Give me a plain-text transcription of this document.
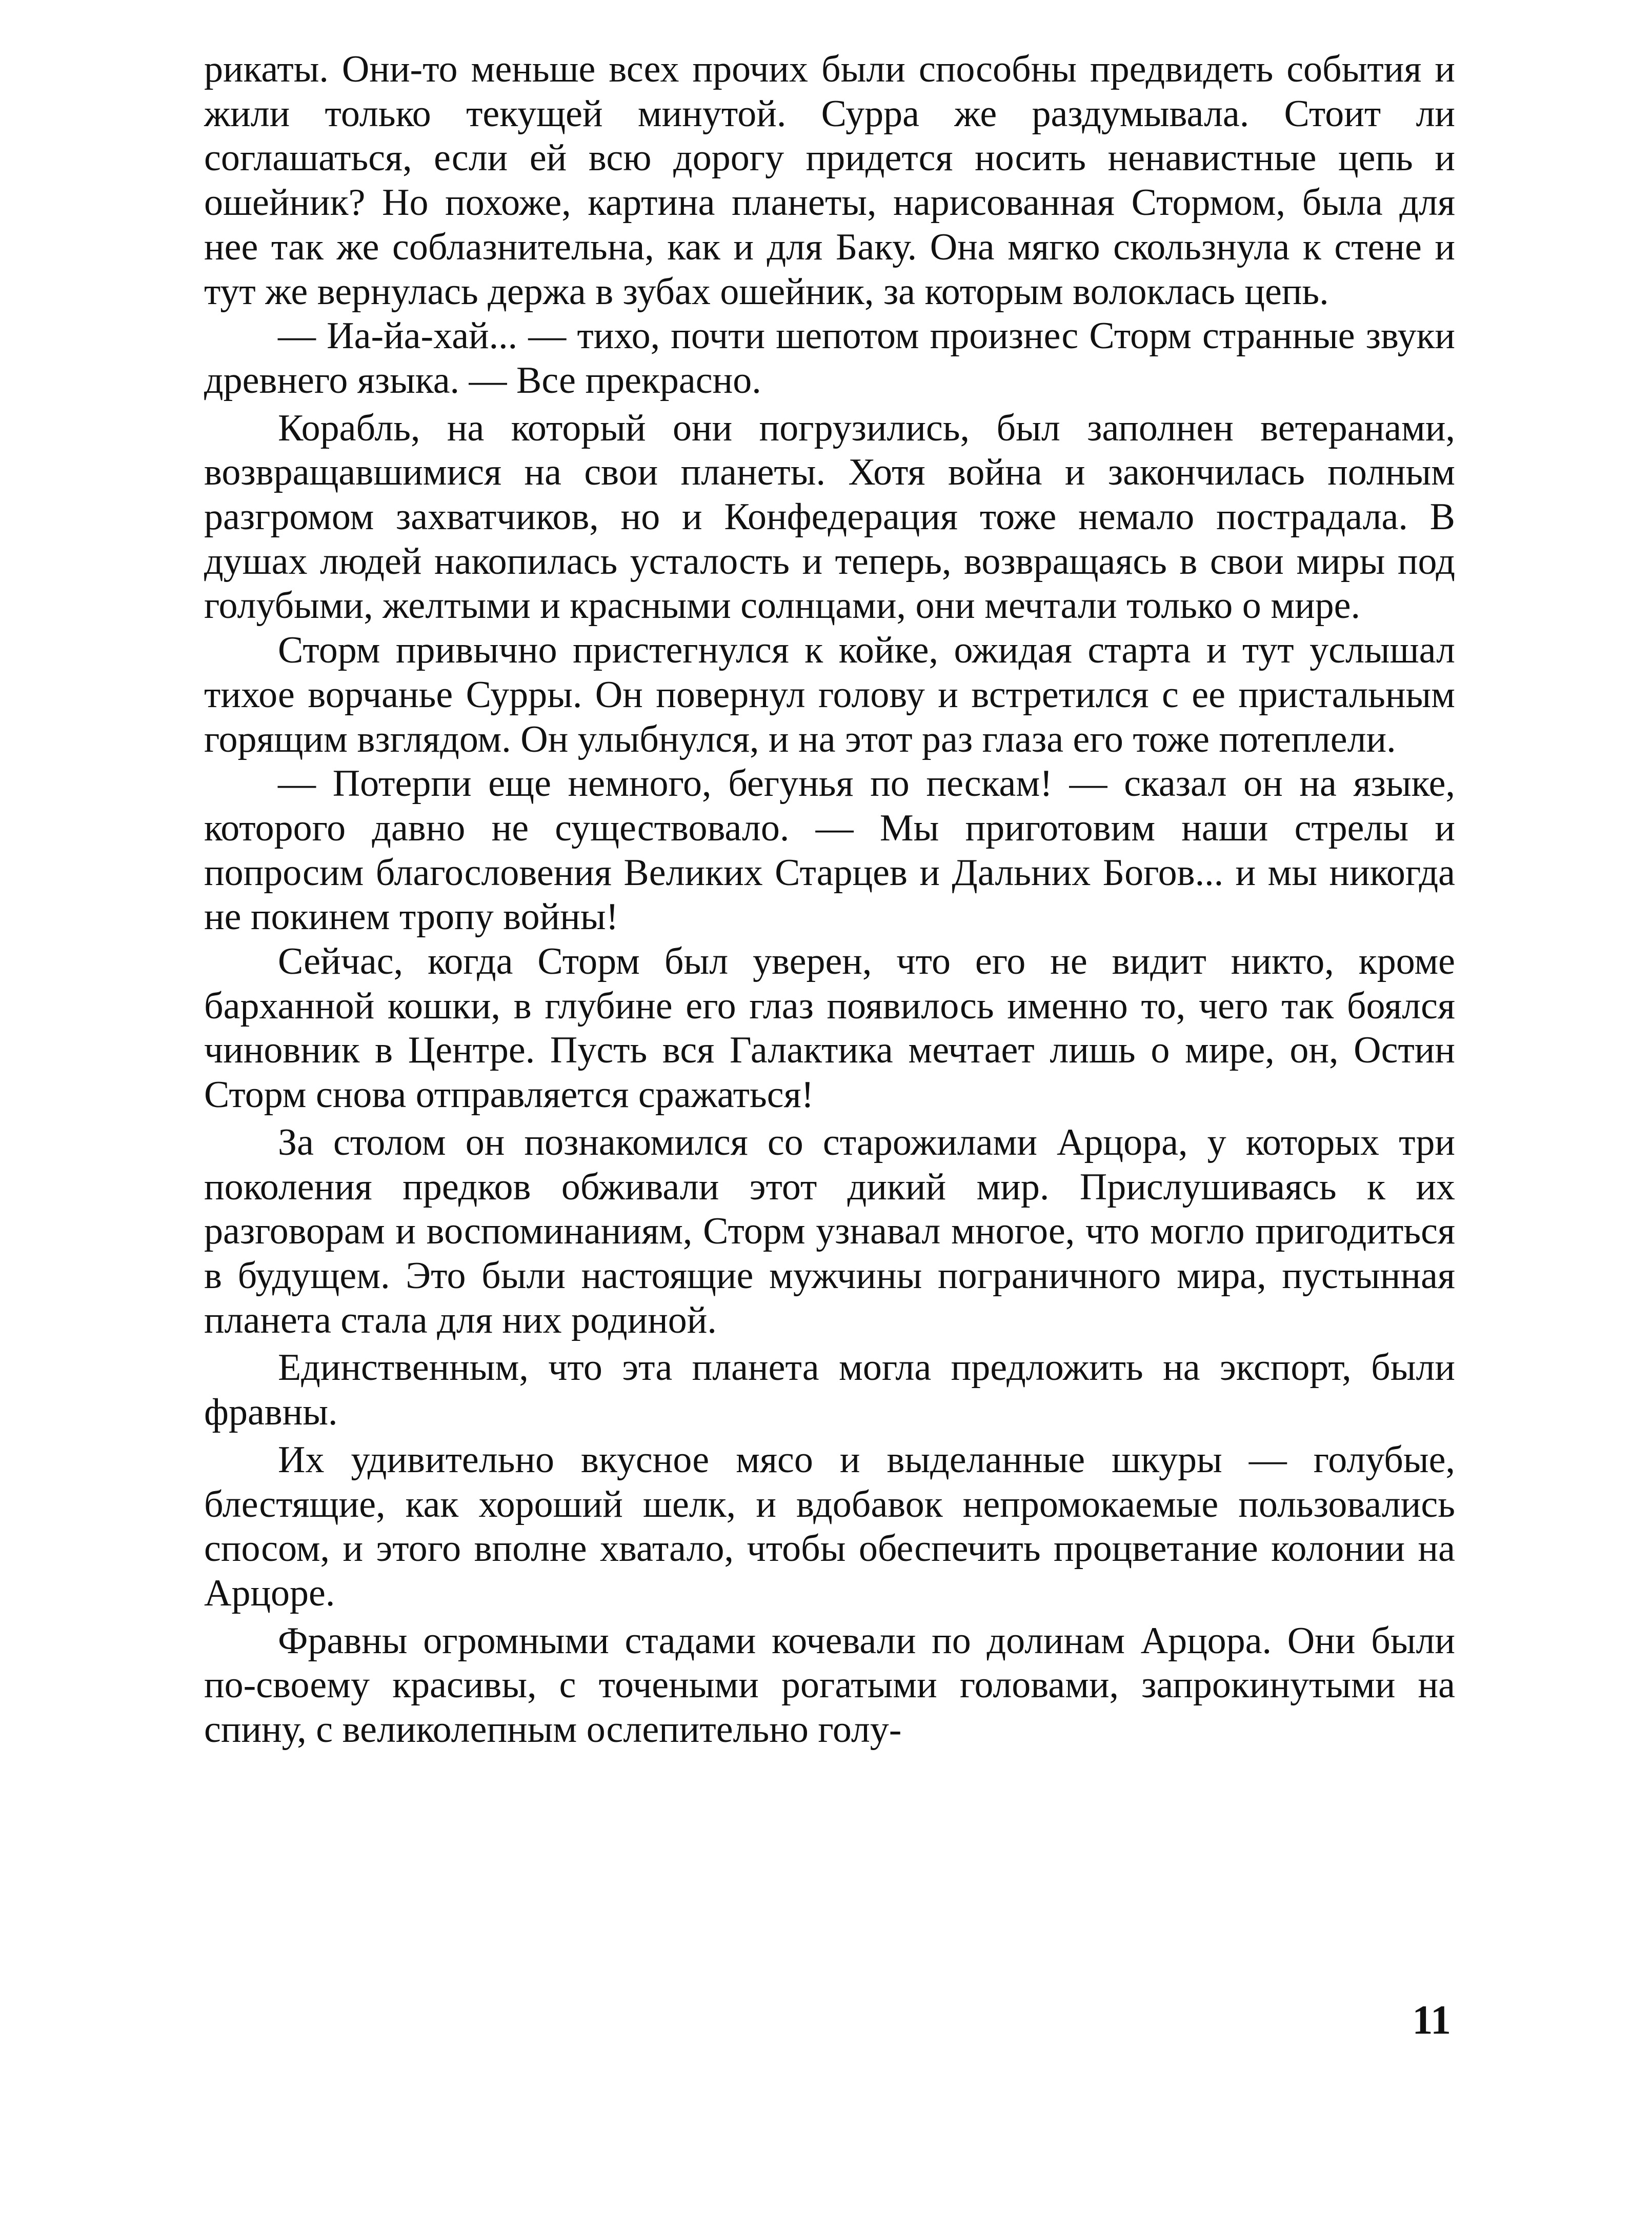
рикаты. Они-то меньше всех прочих были способны предвидеть события и жили только текущей минутой. Сурра же раздумывала. Стоит ли соглашаться, если ей всю дорогу придется носить ненавистные цепь и ошейник? Но похоже, картина планеты, нарисованная Стормом, была для нее так же соблазнительна, как и для Баку. Она мягко скользнула к стене и тут же вернулась держа в зубах ошейник, за которым волоклась цепь.

— Иа-йа-хай... — тихо, почти шепотом произнес Сторм странные звуки древнего языка. — Все прекрасно.

Корабль, на который они погрузились, был заполнен ветеранами, возвращавшимися на свои планеты. Хотя война и закончилась полным разгромом захватчиков, но и Конфедерация тоже немало пострадала. В душах людей накопилась усталость и теперь, возвращаясь в свои миры под голубыми, желтыми и красными солнцами, они мечтали только о мире.

Сторм привычно пристегнулся к койке, ожидая старта и тут услышал тихое ворчанье Сурры. Он повернул голову и встретился с ее пристальным горящим взглядом. Он улыбнулся, и на этот раз глаза его тоже потеплели.

— Потерпи еще немного, бегунья по пескам! — сказал он на языке, которого давно не существовало. — Мы приготовим наши стрелы и попросим благословения Великих Старцев и Дальних Богов... и мы никогда не покинем тропу войны!

Сейчас, когда Сторм был уверен, что его не видит никто, кроме барханной кошки, в глубине его глаз появилось именно то, чего так боялся чиновник в Центре. Пусть вся Галактика мечтает лишь о мире, он, Остин Сторм снова отправляется сражаться!

За столом он познакомился со старожилами Арцора, у которых три поколения предков обживали этот дикий мир. Прислушиваясь к их разговорам и воспоминаниям, Сторм узнавал многое, что могло пригодиться в будущем. Это были настоящие мужчины пограничного мира, пустынная планета стала для них родиной.

Единственным, что эта планета могла предложить на экспорт, были фравны.

Их удивительно вкусное мясо и выделанные шкуры — голубые, блестящие, как хороший шелк, и вдобавок непромокаемые пользовались спосом, и этого вполне хватало, чтобы обеспечить процветание колонии на Арцоре.

Фравны огромными стадами кочевали по долинам Арцора. Они были по-своему красивы, с точеными рогатыми головами, запрокинутыми на спину, с великолепным ослепительно голу-

11
